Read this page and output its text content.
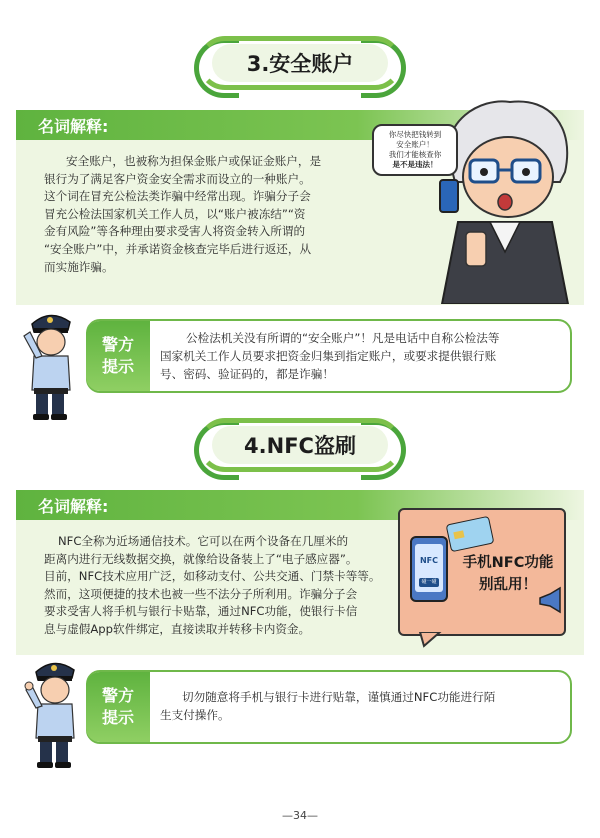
3.安全账户
名词解释:
安全账户，也被称为担保金账户或保证金账户，是
银行为了满足客户资金安全需求而设立的一种账户。
这个词在冒充公检法类诈骗中经常出现。诈骗分子会
冒充公检法国家机关工作人员，以“账户被冻结”“资
金有风险”等各种理由要求受害人将资金转入所谓的
“安全账户”中，并承诺资金核查完毕后进行返还，从
而实施诈骗。
你尽快把钱转到
安全账户！
我们才能核查你
是不是违法！
警方
提示
公检法机关没有所谓的“安全账户”！凡是电话中自称公检法等
国家机关工作人员要求把资金归集到指定账户，或要求提供银行账
号、密码、验证码的，都是诈骗！
4.NFC盗刷
名词解释:
NFC全称为近场通信技术。它可以在两个设备在几厘米的
距离内进行无线数据交换，就像给设备装上了“电子感应器”。
目前，NFC技术应用广泛，如移动支付、公共交通、门禁卡等等。
然而，这项便捷的技术也被一些不法分子所利用。诈骗分子会
要求受害人将手机与银行卡贴靠，通过NFC功能，使银行卡信
息与虚假App软件绑定，直接读取并转移卡内资金。
NFC
碰一碰
手机NFC功能
别乱用！
警方
提示
切勿随意将手机与银行卡进行贴靠，谨慎通过NFC功能进行陌
生支付操作。
—34—
